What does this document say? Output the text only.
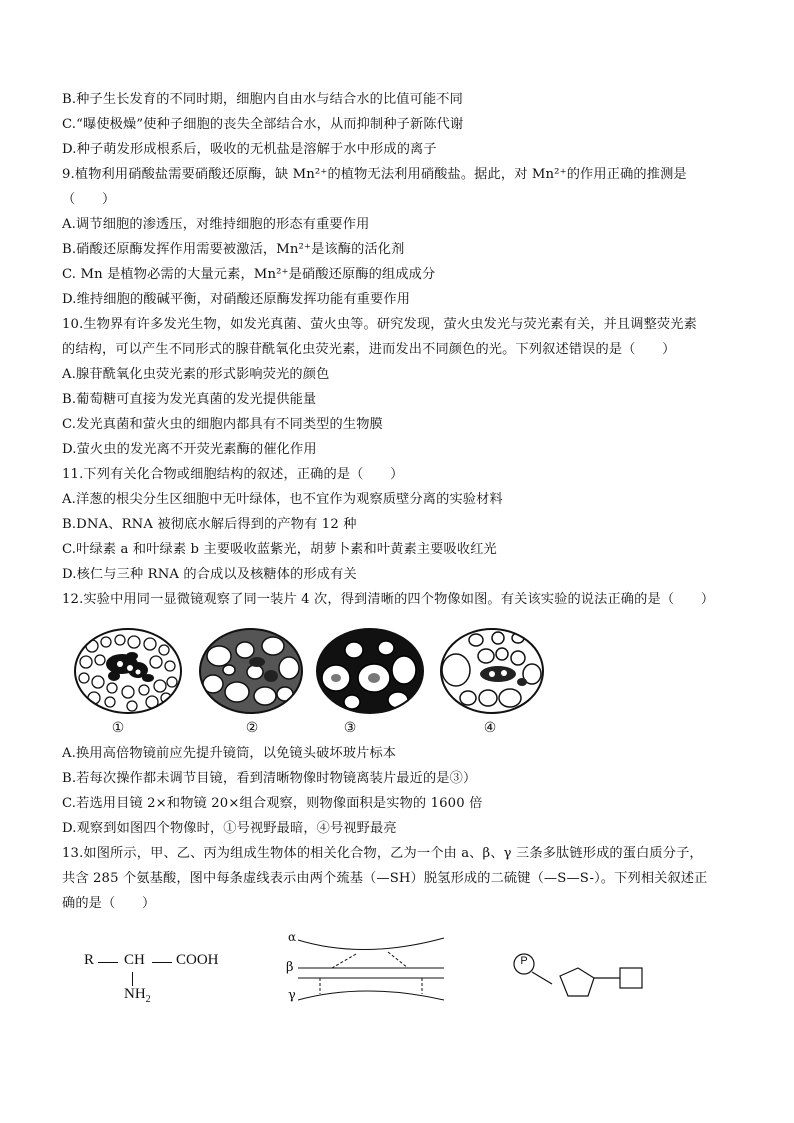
B.种子生长发育的不同时期，细胞内自由水与结合水的比值可能不同
C.“曝使极燥”使种子细胞的丧失全部结合水，从而抑制种子新陈代谢
D.种子萌发形成根系后，吸收的无机盐是溶解于水中形成的离子
9.植物利用硝酸盐需要硝酸还原酶，缺 Mn²⁺的植物无法利用硝酸盐。据此，对 Mn²⁺的作用正确的推测是
（　　）
A.调节细胞的渗透压，对维持细胞的形态有重要作用
B.硝酸还原酶发挥作用需要被激活，Mn²⁺是该酶的活化剂
C. Mn 是植物必需的大量元素，Mn²⁺是硝酸还原酶的组成成分
D.维持细胞的酸碱平衡，对硝酸还原酶发挥功能有重要作用
10.生物界有许多发光生物，如发光真菌、萤火虫等。研究发现，萤火虫发光与荧光素有关，并且调整荧光素
的结构，可以产生不同形式的腺苷酰氧化虫荧光素，进而发出不同颜色的光。下列叙述错误的是（　　）
A.腺苷酰氧化虫荧光素的形式影响荧光的颜色
B.葡萄糖可直接为发光真菌的发光提供能量
C.发光真菌和萤火虫的细胞内都具有不同类型的生物膜
D.萤火虫的发光离不开荧光素酶的催化作用
11.下列有关化合物或细胞结构的叙述，正确的是（　　）
A.洋葱的根尖分生区细胞中无叶绿体，也不宜作为观察质壁分离的实验材料
B.DNA、RNA 被彻底水解后得到的产物有 12 种
C.叶绿素 a 和叶绿素 b 主要吸收蓝紫光，胡萝卜素和叶黄素主要吸收红光
D.核仁与三种 RNA 的合成以及核糖体的形成有关
12.实验中用同一显微镜观察了同一装片 4 次，得到清晰的四个物像如图。有关该实验的说法正确的是（　　）
①	②	③	④
A.换用高倍物镜前应先提升镜筒，以免镜头破坏玻片标本
B.若每次操作都未调节目镜，看到清晰物像时物镜离装片最近的是③）
C.若选用目镜 2×和物镜 20×组合观察，则物像面积是实物的 1600 倍
D.观察到如图四个物像时，①号视野最暗，④号视野最亮
13.如图所示，甲、乙、丙为组成生物体的相关化合物，乙为一个由 a、β、γ 三条多肽链形成的蛋白质分子，
共含 285 个氨基酸，图中每条虚线表示由两个巯基（—SH）脱氢形成的二硫键（—S—S-）。下列相关叙述正
确的是（　　）
R CH COOH
$NH_2$
α
β
γ
P
